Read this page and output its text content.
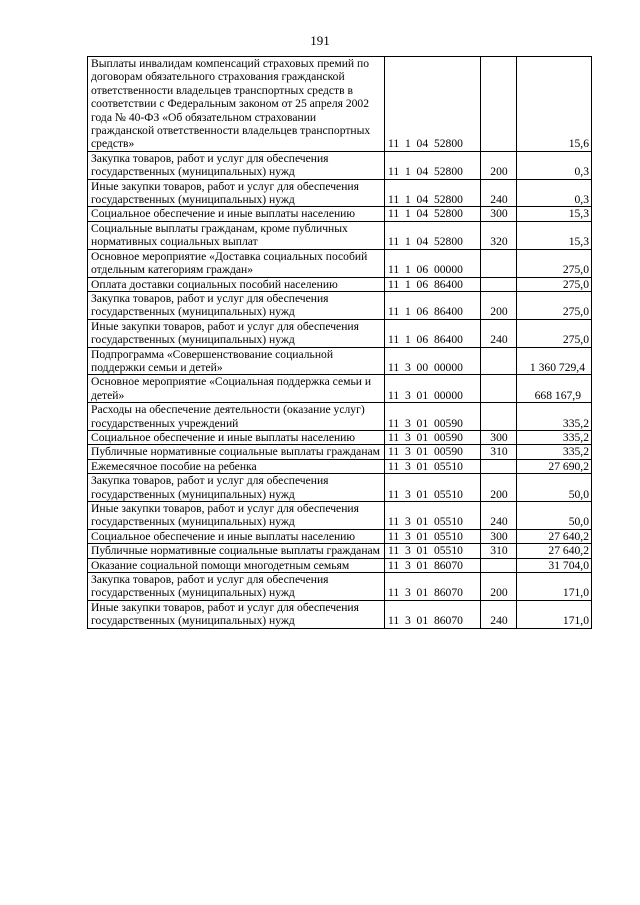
191
Выплаты инвалидам компенсаций страховых премий по договорам обязательного страхования гражданской ответственности владельцев транспортных средств в соответствии с Федеральным законом от 25 апреля 2002 года № 40-ФЗ «Об обязательном страховании гражданской ответственности владельцев транспортных средств»	11  1  04  52800		15,6
Закупка товаров, работ и услуг для обеспечения государственных (муниципальных) нужд	11  1  04  52800	200	0,3
Иные закупки товаров, работ и услуг для обеспечения государственных (муниципальных) нужд	11  1  04  52800	240	0,3
Социальное обеспечение и иные выплаты населению	11  1  04  52800	300	15,3
Социальные выплаты гражданам, кроме публичных нормативных социальных выплат	11  1  04  52800	320	15,3
Основное мероприятие «Доставка социальных пособий отдельным категориям граждан»	11  1  06  00000		275,0
Оплата доставки социальных пособий населению	11  1  06  86400		275,0
Закупка товаров, работ и услуг для обеспечения государственных (муниципальных) нужд	11  1  06  86400	200	275,0
Иные закупки товаров, работ и услуг для обеспечения государственных (муниципальных) нужд	11  1  06  86400	240	275,0
Подпрограмма «Совершенствование социальной поддержки семьи и детей»	11  3  00  00000		1 360 729,4
Основное мероприятие «Социальная поддержка семьи и детей»	11  3  01  00000		668 167,9
Расходы на обеспечение деятельности (оказание услуг) государственных учреждений	11  3  01  00590		335,2
Социальное обеспечение и иные выплаты населению	11  3  01  00590	300	335,2
Публичные нормативные социальные выплаты гражданам	11  3  01  00590	310	335,2
Ежемесячное пособие на ребенка	11  3  01  05510		27 690,2
Закупка товаров, работ и услуг для обеспечения государственных (муниципальных) нужд	11  3  01  05510	200	50,0
Иные закупки товаров, работ и услуг для обеспечения государственных (муниципальных) нужд	11  3  01  05510	240	50,0
Социальное обеспечение и иные выплаты населению	11  3  01  05510	300	27 640,2
Публичные нормативные социальные выплаты гражданам	11  3  01  05510	310	27 640,2
Оказание социальной помощи многодетным семьям	11  3  01  86070		31 704,0
Закупка товаров, работ и услуг для обеспечения государственных (муниципальных) нужд	11  3  01  86070	200	171,0
Иные закупки товаров, работ и услуг для обеспечения государственных (муниципальных) нужд	11  3  01  86070	240	171,0
